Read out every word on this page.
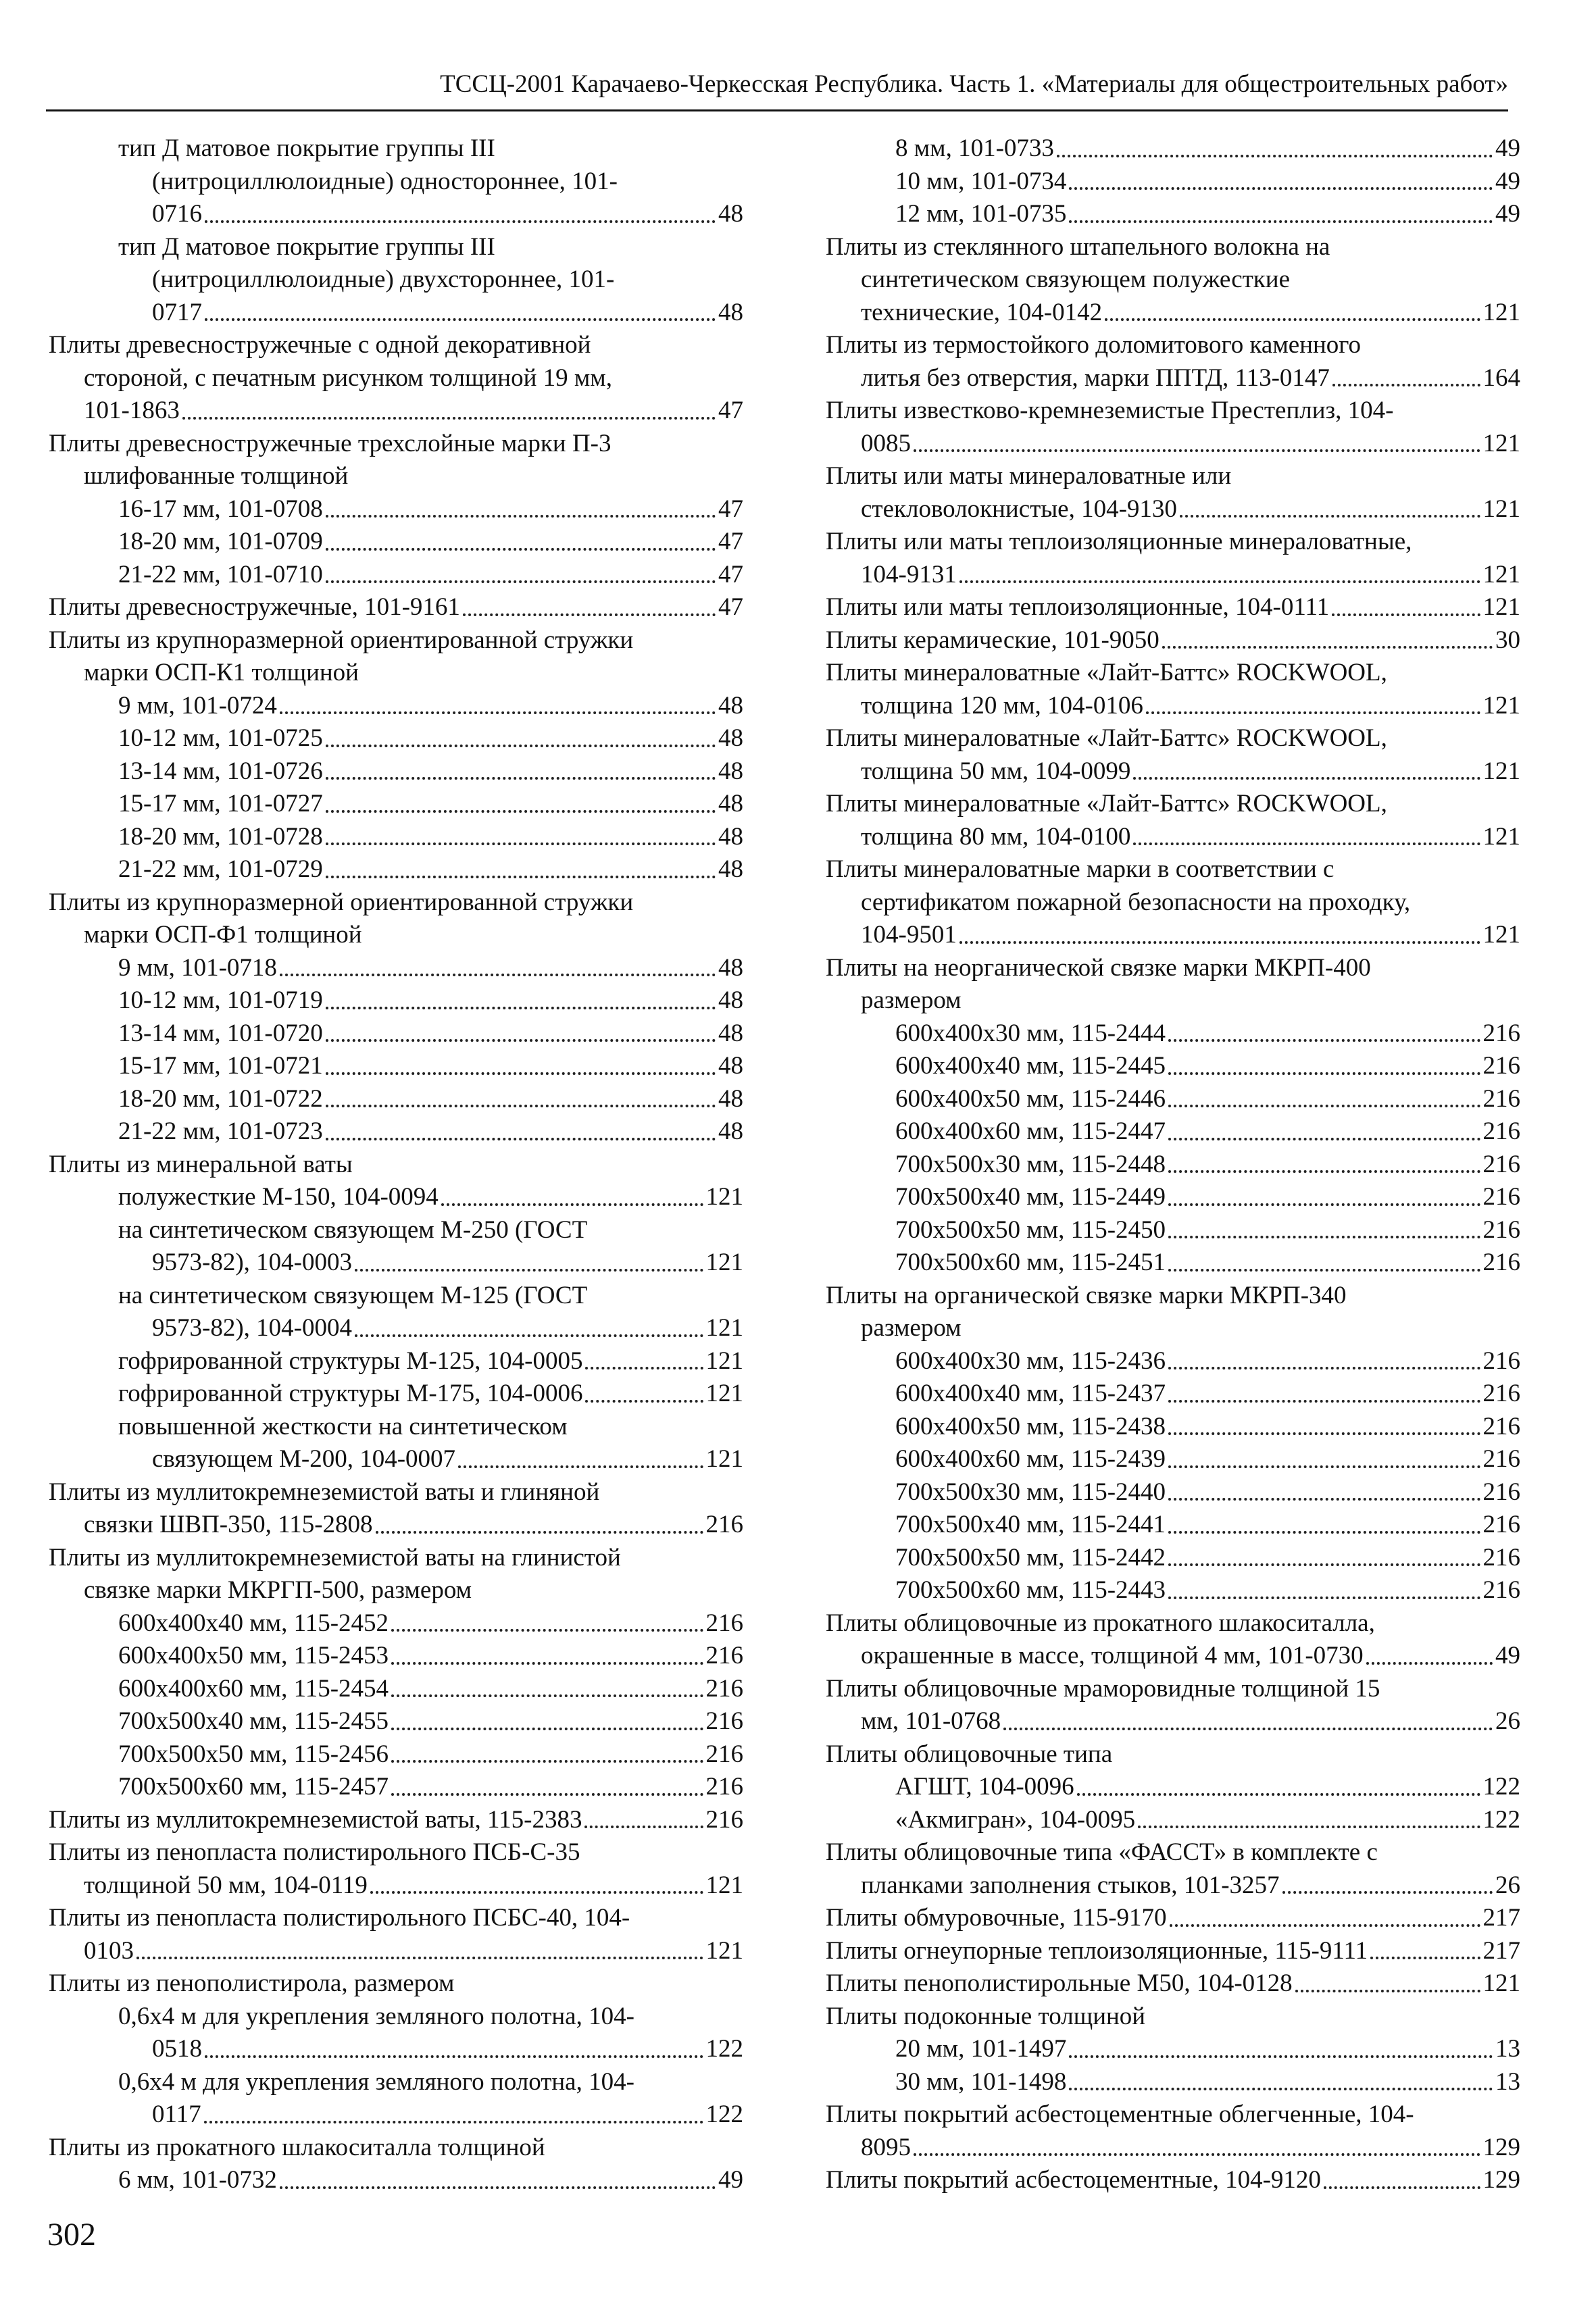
ТССЦ-2001 Карачаево-Черкесская Республика. Часть 1. «Материалы для общестроительных работ»
тип Д матовое покрытие группы III
(нитроциллюлоидные) одностороннее, 101-
0716	48
тип Д матовое покрытие группы III
(нитроциллюлоидные) двухстороннее, 101-
0717	48
Плиты древесностружечные с одной декоративной
стороной, с печатным рисунком толщиной 19 мм,
101-1863	47
Плиты древесностружечные трехслойные марки П-3
шлифованные толщиной
16-17 мм, 101-0708	47
18-20 мм, 101-0709	47
21-22 мм, 101-0710	47
Плиты древесностружечные, 101-9161	47
Плиты из крупноразмерной ориентированной стружки
марки ОСП-К1 толщиной
9 мм, 101-0724	48
10-12 мм, 101-0725	48
13-14 мм, 101-0726	48
15-17 мм, 101-0727	48
18-20 мм, 101-0728	48
21-22 мм, 101-0729	48
Плиты из крупноразмерной ориентированной стружки
марки ОСП-Ф1 толщиной
9 мм, 101-0718	48
10-12 мм, 101-0719	48
13-14 мм, 101-0720	48
15-17 мм, 101-0721	48
18-20 мм, 101-0722	48
21-22 мм, 101-0723	48
Плиты из минеральной ваты
полужесткие М-150, 104-0094	121
на синтетическом связующем М-250 (ГОСТ
9573-82), 104-0003	121
на синтетическом связующем М-125 (ГОСТ
9573-82), 104-0004	121
гофрированной структуры М-125, 104-0005	121
гофрированной структуры М-175, 104-0006	121
повышенной жесткости на синтетическом
связующем М-200, 104-0007	121
Плиты из муллитокремнеземистой ваты и глиняной
связки ШВП-350, 115-2808	216
Плиты из муллитокремнеземистой ваты на глинистой
связке марки МКРГП-500, размером
600x400x40 мм, 115-2452	216
600x400x50 мм, 115-2453	216
600x400x60 мм, 115-2454	216
700x500x40 мм, 115-2455	216
700x500x50 мм, 115-2456	216
700x500x60 мм, 115-2457	216
Плиты из муллитокремнеземистой ваты, 115-2383	216
Плиты из пенопласта полистирольного ПСБ-С-35
толщиной 50 мм, 104-0119	121
Плиты из пенопласта полистирольного ПСБС-40, 104-
0103	121
Плиты из пенополистирола, размером
0,6х4 м для укрепления земляного полотна, 104-
0518	122
0,6х4 м для укрепления земляного полотна, 104-
0117	122
Плиты из прокатного шлакоситалла толщиной
6 мм, 101-0732	49
8 мм, 101-0733	49
10 мм, 101-0734	49
12 мм, 101-0735	49
Плиты из стеклянного штапельного волокна на
синтетическом связующем полужесткие
технические, 104-0142	121
Плиты из термостойкого доломитового каменного
литья без отверстия, марки ППТД, 113-0147	164
Плиты известково-кремнеземистые Престеплиз, 104-
0085	121
Плиты или маты минераловатные или
стекловолокнистые, 104-9130	121
Плиты или маты теплоизоляционные минераловатные,
104-9131	121
Плиты или маты теплоизоляционные, 104-0111	121
Плиты керамические, 101-9050	30
Плиты минераловатные «Лайт-Баттс» ROCKWOOL,
толщина 120 мм, 104-0106	121
Плиты минераловатные «Лайт-Баттс» ROCKWOOL,
толщина 50 мм, 104-0099	121
Плиты минераловатные «Лайт-Баттс» ROCKWOOL,
толщина 80 мм, 104-0100	121
Плиты минераловатные марки в соответствии с
сертификатом пожарной безопасности на проходку,
104-9501	121
Плиты на неорганической связке марки МКРП-400
размером
600x400x30 мм, 115-2444	216
600x400x40 мм, 115-2445	216
600x400x50 мм, 115-2446	216
600x400x60 мм, 115-2447	216
700x500x30 мм, 115-2448	216
700x500x40 мм, 115-2449	216
700x500x50 мм, 115-2450	216
700x500x60 мм, 115-2451	216
Плиты на органической связке марки МКРП-340
размером
600x400x30 мм, 115-2436	216
600x400x40 мм, 115-2437	216
600x400x50 мм, 115-2438	216
600x400x60 мм, 115-2439	216
700x500x30 мм, 115-2440	216
700x500x40 мм, 115-2441	216
700x500x50 мм, 115-2442	216
700x500x60 мм, 115-2443	216
Плиты облицовочные из прокатного шлакоситалла,
окрашенные в массе, толщиной 4 мм, 101-0730	49
Плиты облицовочные мраморовидные толщиной 15
мм, 101-0768	26
Плиты облицовочные типа
АГШТ, 104-0096	122
«Акмигран», 104-0095	122
Плиты облицовочные типа «ФАССТ» в комплекте с
планками заполнения стыков, 101-3257	26
Плиты обмуровочные, 115-9170	217
Плиты огнеупорные теплоизоляционные, 115-9111	217
Плиты пенополистирольные М50, 104-0128	121
Плиты подоконные толщиной
20 мм, 101-1497	13
30 мм, 101-1498	13
Плиты покрытий асбестоцементные облегченные, 104-
8095	129
Плиты покрытий асбестоцементные, 104-9120	129
302
